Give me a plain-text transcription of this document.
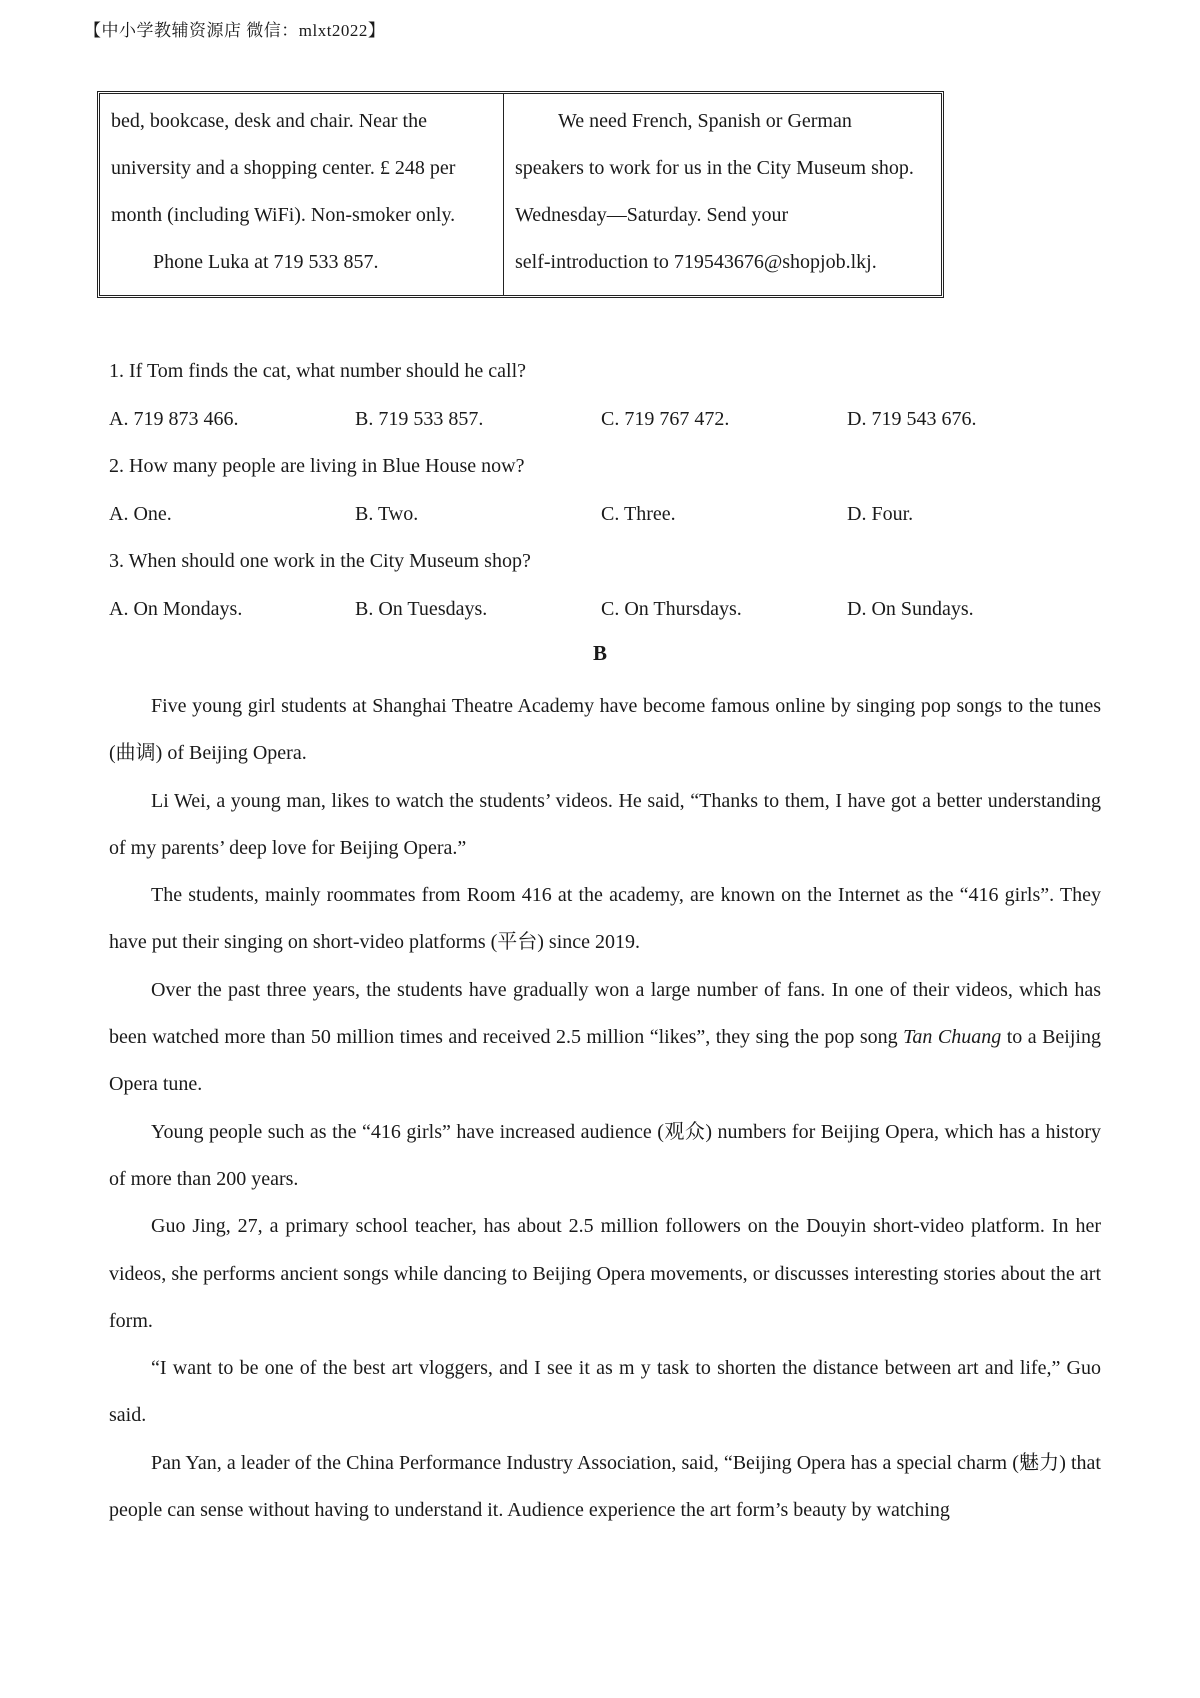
【中小学教辅资源店 微信：mlxt2022】
bed, bookcase, desk and chair. Near the
university and a shopping center. £ 248 per
month (including WiFi). Non-smoker only.
Phone Luka at 719 533 857.
We need French, Spanish or German
speakers to work for us in the City Museum shop.
Wednesday—Saturday. Send your
self-introduction to 719543676@shopjob.lkj.
1. If Tom finds the cat, what number should he call?
A. 719 873 466.	B. 719 533 857.	C. 719 767 472.	D. 719 543 676.
2. How many people are living in Blue House now?
A. One.	B. Two.	C. Three.	D. Four.
3. When should one work in the City Museum shop?
A. On Mondays.	B. On Tuesdays.	C. On Thursdays.	D. On Sundays.
B

Five young girl students at Shanghai Theatre Academy have become famous online by singing pop songs to the tunes (曲调) of Beijing Opera.

Li Wei, a young man, likes to watch the students’ videos. He said, “Thanks to them, I have got a better understanding of my parents’ deep love for Beijing Opera.”

The students, mainly roommates from Room 416 at the academy, are known on the Internet as the “416 girls”. They have put their singing on short-video platforms (平台) since 2019.

Over the past three years, the students have gradually won a large number of fans. In one of their videos, which has been watched more than 50 million times and received 2.5 million “likes”, they sing the pop song Tan Chuang to a Beijing Opera tune.

Young people such as the “416 girls” have increased audience (观众) numbers for Beijing Opera, which has a history of more than 200 years.

Guo Jing, 27, a primary school teacher, has about 2.5 million followers on the Douyin short-video platform. In her videos, she performs ancient songs while dancing to Beijing Opera movements, or discusses interesting stories about the art form.

“I want to be one of the best art vloggers, and I see it as m y task to shorten the distance between art and life,” Guo said.

Pan Yan, a leader of the China Performance Industry Association, said, “Beijing Opera has a special charm (魅力) that people can sense without having to understand it. Audience experience the art form’s beauty by watching
